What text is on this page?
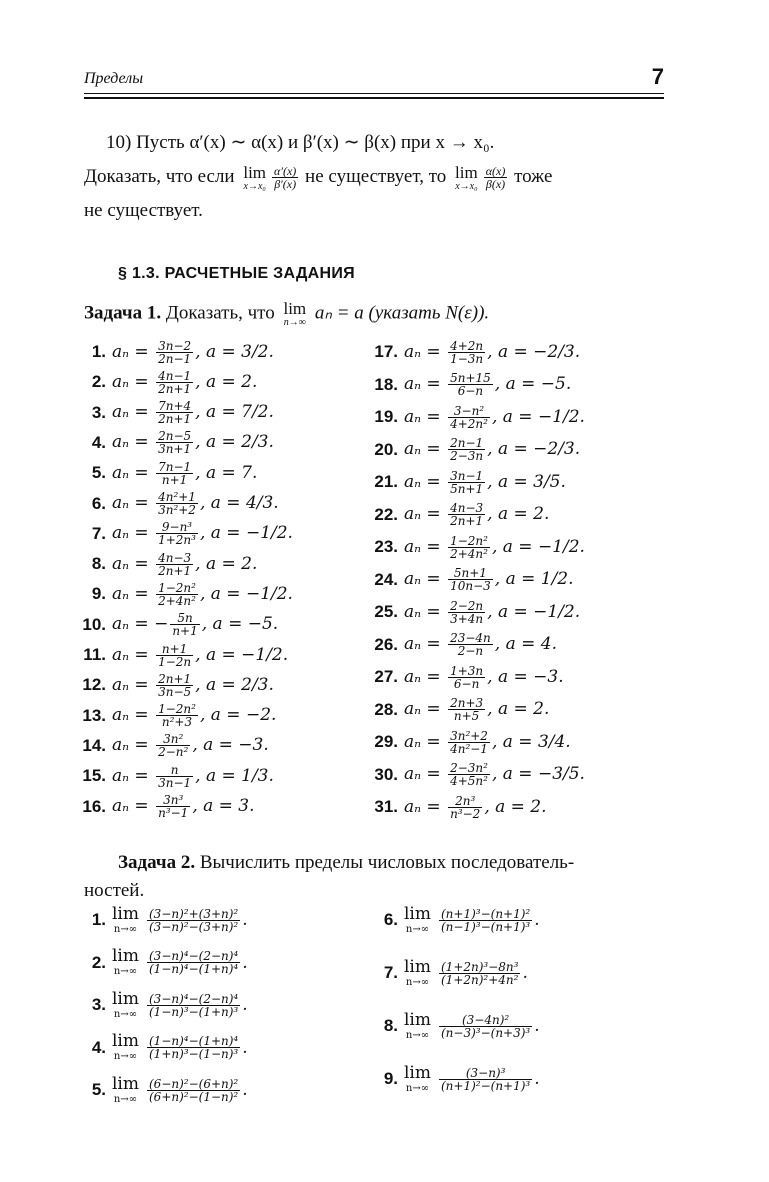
Пределы	7
10) Пусть α′(x) ∼ α(x) и β′(x) ∼ β(x) при x → x₀.
Доказать, что если lim
$x\to x_0 \frac{\alpha'(x)}{\beta'(x)}$ не существует, то lim
$x\to x_0 \frac{\alpha(x)}{\beta(x)}$ тоже
не существует.
§ 1.3. РАСЧЕТНЫЕ ЗАДАНИЯ
Задача 1. Доказать, что lim
n→∞ aₙ = a (указать N(ε)).
1. $a_n = \frac{3n-2}{2n-1}$ , a = 3/2.
2. $a_n = \frac{4n-1}{2n+1}$ , a = 2.
3. $a_n = \frac{7n+4}{2n+1}$ , a = 7/2.
4. $a_n = \frac{2n-5}{3n+1}$ , a = 2/3.
5. $a_n = \frac{7n-1}{n+1}$ , a = 7.
6. $a_n = \frac{\text{4n²+1}}{\text{3n²+2}}$ , a = 4/3.
7. $a_n = \frac{\text{9−n³}}{\text{1+2n³}}$ , a = −1/2.
8. $a_n = \frac{4n-3}{2n+1}$ , a = 2.
9. $a_n = \frac{\text{1−2n²}}{\text{2+4n²}}$ , a = −1/2.
10. aₙ = − $\frac{5n}{n+1}$ , a = −5.
11. $a_n = \frac{n+1}{1-2n}$ , a = −1/2.
12. $a_n = \frac{2n+1}{3n-5}$ , a = 2/3.
13. $a_n = \frac{\text{1−2n²}}{\text{n²+3}}$ , a = −2.
14. $a_n = \frac{\text{3n²}}{\text{2−n²}}$ , a = −3.
15. $a_n = \frac{n}{3n-1}$ , a = 1/3.
16. $a_n = \frac{\text{3n³}}{\text{n³−1}}$ , a = 3.
17. $a_n = \frac{4+2n}{1-3n}$ , a = −2/3.
18. $a_n = \frac{5n+15}{6-n}$ , a = −5.
19. $a_n = \frac{\text{3−n²}}{\text{4+2n²}}$ , a = −1/2.
20. $a_n = \frac{2n-1}{2-3n}$ , a = −2/3.
21. $a_n = \frac{3n-1}{5n+1}$ , a = 3/5.
22. $a_n = \frac{4n-3}{2n+1}$ , a = 2.
23. $a_n = \frac{\text{1−2n²}}{\text{2+4n²}}$ , a = −1/2.
24. $a_n = \frac{5n+1}{10n-3}$ , a = 1/2.
25. $a_n = \frac{2-2n}{3+4n}$ , a = −1/2.
26. $a_n = \frac{23-4n}{2-n}$ , a = 4.
27. $a_n = \frac{1+3n}{6-n}$ , a = −3.
28. $a_n = \frac{2n+3}{n+5}$ , a = 2.
29. $a_n = \frac{\text{3n²+2}}{\text{4n²−1}}$ , a = 3/4.
30. $a_n = \frac{\text{2−3n²}}{\text{4+5n²}}$ , a = −3/5.
31. $a_n = \frac{\text{2n³}}{\text{n³−2}}$ , a = 2.
Задача 2. Вычислить пределы числовых последователь-
ностей.
1. lim
$n\to\infty \frac{\text{(3−n)²+(3+n)²}}{\text{(3−n)²−(3+n)²}}$ .
2. lim
$n\to\infty \frac{\text{(3−n)⁴−(2−n)⁴}}{\text{(1−n)⁴−(1+n)⁴}}$ .
3. lim
$n\to\infty \frac{\text{(3−n)⁴−(2−n)⁴}}{\text{(1−n)³−(1+n)³}}$ .
4. lim
$n\to\infty \frac{\text{(1−n)⁴−(1+n)⁴}}{\text{(1+n)³−(1−n)³}}$ .
5. lim
$n\to\infty \frac{\text{(6−n)²−(6+n)²}}{\text{(6+n)²−(1−n)²}}$ .
6. lim
$n\to\infty \frac{\text{(n+1)³−(n+1)²}}{\text{(n−1)³−(n+1)³}}$ .
7. lim
$n\to\infty \frac{\text{(1+2n)³−8n³}}{\text{(1+2n)²+4n²}}$ .
8. lim
$n\to\infty \frac{\text{(3−4n)²}}{\text{(n−3)³−(n+3)³}}$ .
9. lim
$n\to\infty \frac{\text{(3−n)³}}{\text{(n+1)²−(n+1)³}}$ .
